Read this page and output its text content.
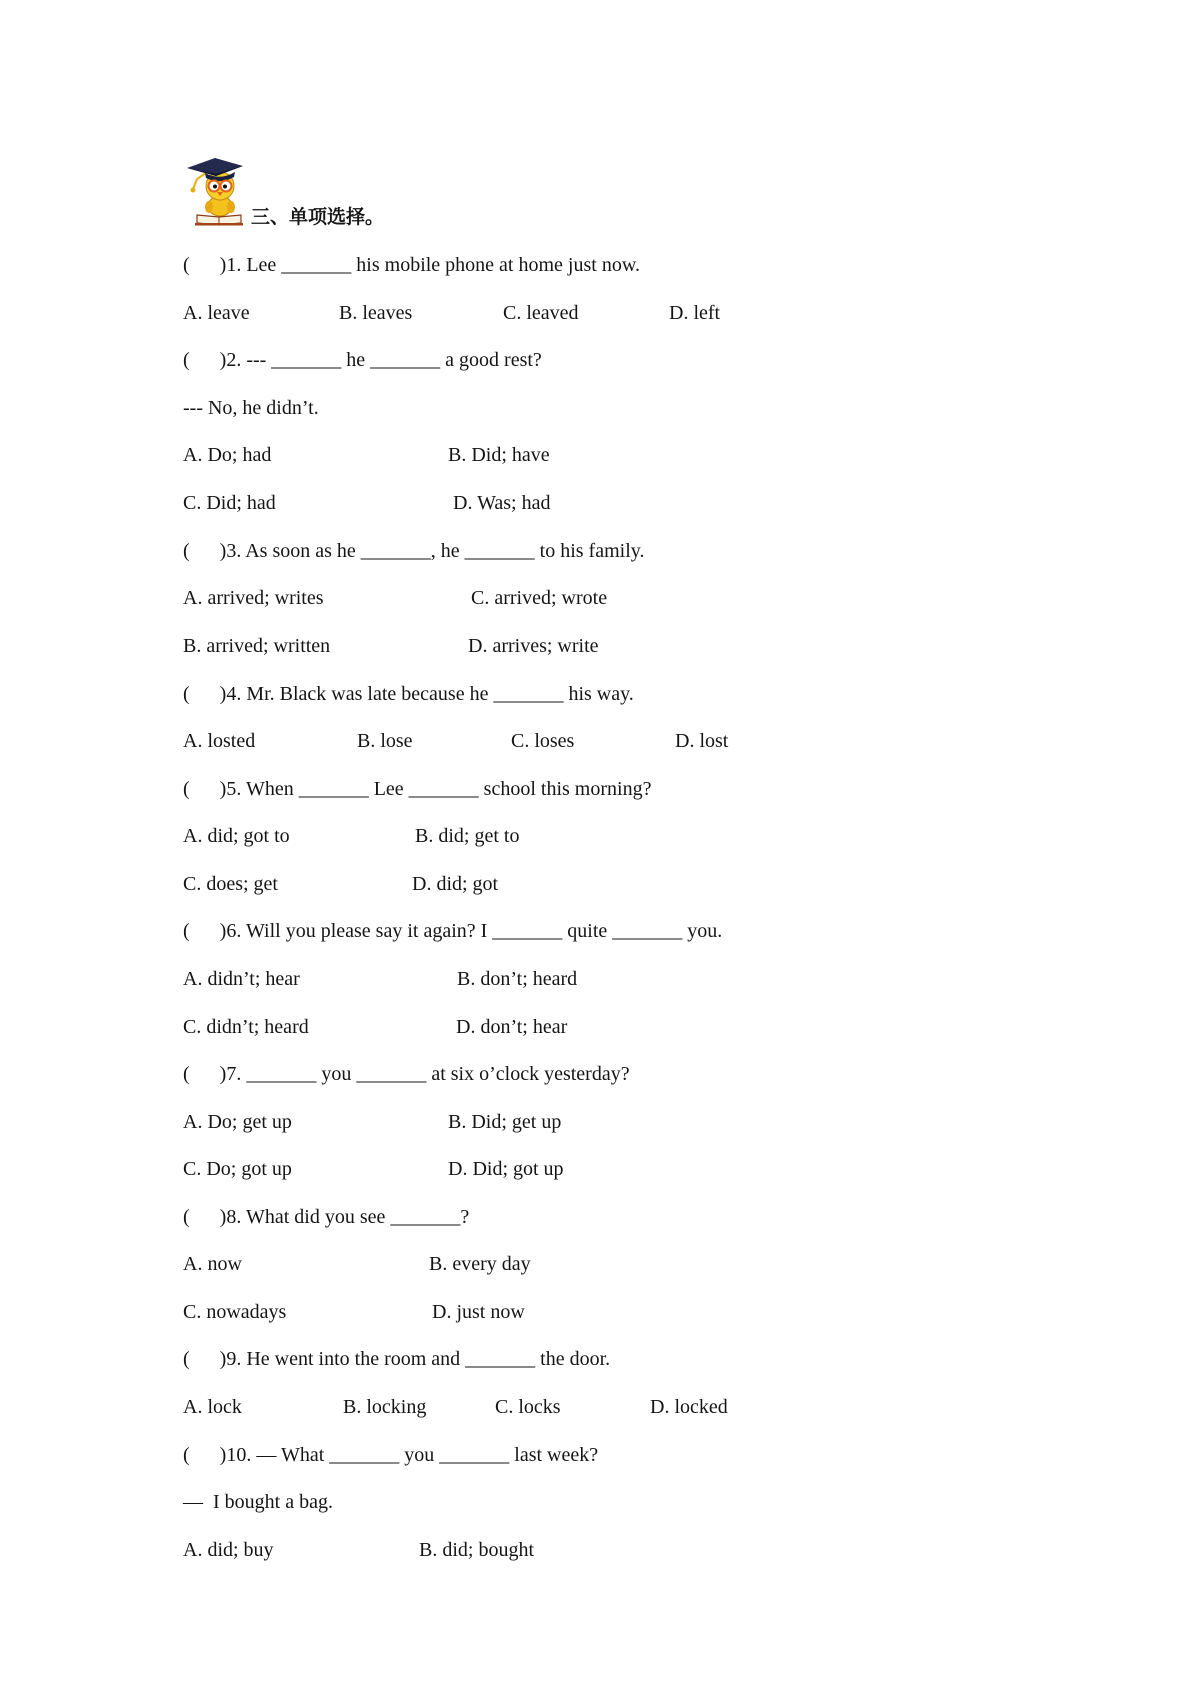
三、单项选择。
(      )1. Lee _______ his mobile phone at home just now.
A. leave	B. leaves	C. leaved	D. left
(      )2. --- _______ he _______ a good rest?
--- No, he didn’t.
A. Do; had	B. Did; have
C. Did; had	D. Was; had
(      )3. As soon as he _______, he _______ to his family.
A. arrived; writes	C. arrived; wrote
B. arrived; written	D. arrives; write
(      )4. Mr. Black was late because he _______ his way.
A. losted	B. lose	C. loses	D. lost
(      )5. When _______ Lee _______ school this morning?
A. did; got to	B. did; get to
C. does; get	D. did; got
(      )6. Will you please say it again? I _______ quite _______ you.
A. didn’t; hear	B. don’t; heard
C. didn’t; heard	D. don’t; hear
(      )7. _______ you _______ at six o’clock yesterday?
A. Do; get up	B. Did; get up
C. Do; got up	D. Did; got up
(      )8. What did you see _______?
A. now	B. every day
C. nowadays	D. just now
(      )9. He went into the room and _______ the door.
A. lock	B. locking	C. locks	D. locked
(      )10. — What _______ you _______ last week?
—  I bought a bag.
A. did; buy	B. did; bought
